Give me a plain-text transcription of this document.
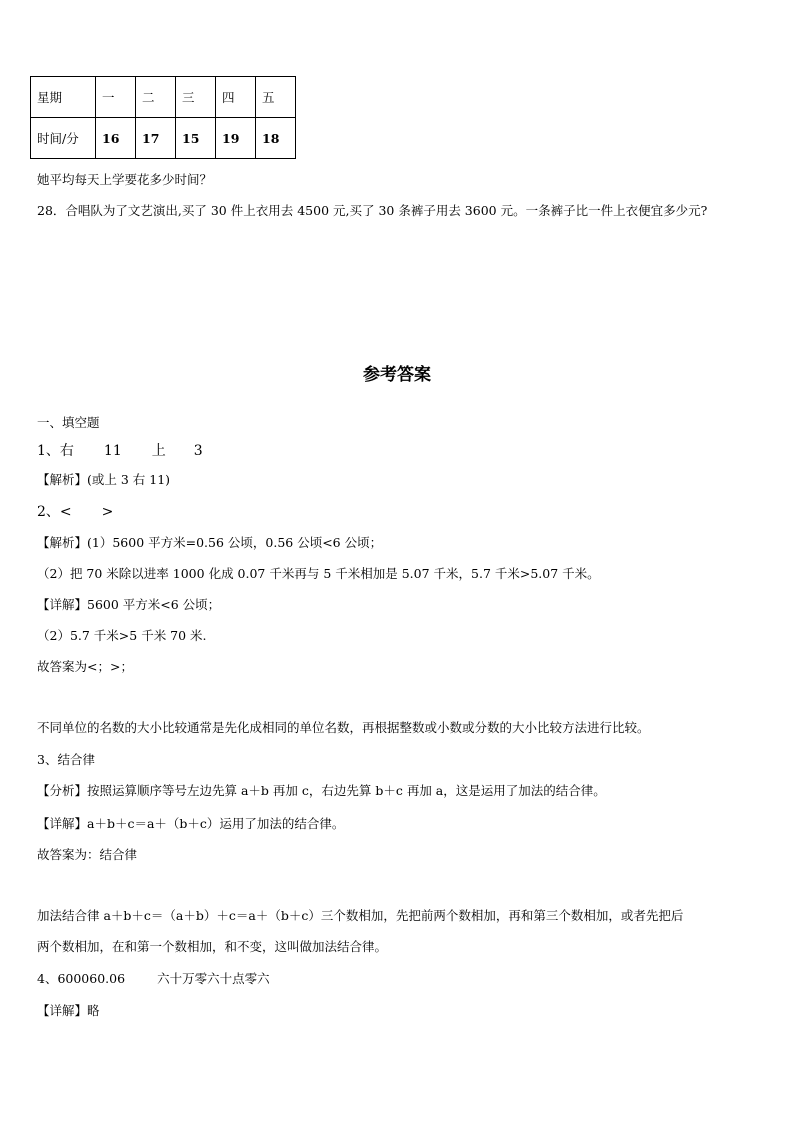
星期	一	二	三	四	五
时间/分	16	17	15	19	18
她平均每天上学要花多少时间？
28．合唱队为了文艺演出,买了 30 件上衣用去 4500 元,买了 30 条裤子用去 3600 元。一条裤子比一件上衣便宜多少元?
参考答案
一、填空题
1、右 11 上 3
【解析】(或上 3 右 11)
2、< >
【解析】(1）5600 平方米=0.56 公顷，0.56 公顷<6 公顷；
（2）把 70 米除以进率 1000 化成 0.07 千米再与 5 千米相加是 5.07 千米，5.7 千米>5.07 千米。
【详解】5600 平方米<6 公顷；
（2）5.7 千米>5 千米 70 米.
故答案为<；>；
不同单位的名数的大小比较通常是先化成相同的单位名数，再根据整数或小数或分数的大小比较方法进行比较。
3、结合律
【分析】按照运算顺序等号左边先算 a＋b 再加 c，右边先算 b＋c 再加 a，这是运用了加法的结合律。
【详解】a＋b＋c＝a＋（b＋c）运用了加法的结合律。
故答案为：结合律
加法结合律 a＋b＋c＝（a＋b）＋c＝a＋（b＋c）三个数相加，先把前两个数相加，再和第三个数相加，或者先把后
两个数相加，在和第一个数相加，和不变，这叫做加法结合律。
4、600060.06	六十万零六十点零六
【详解】略
